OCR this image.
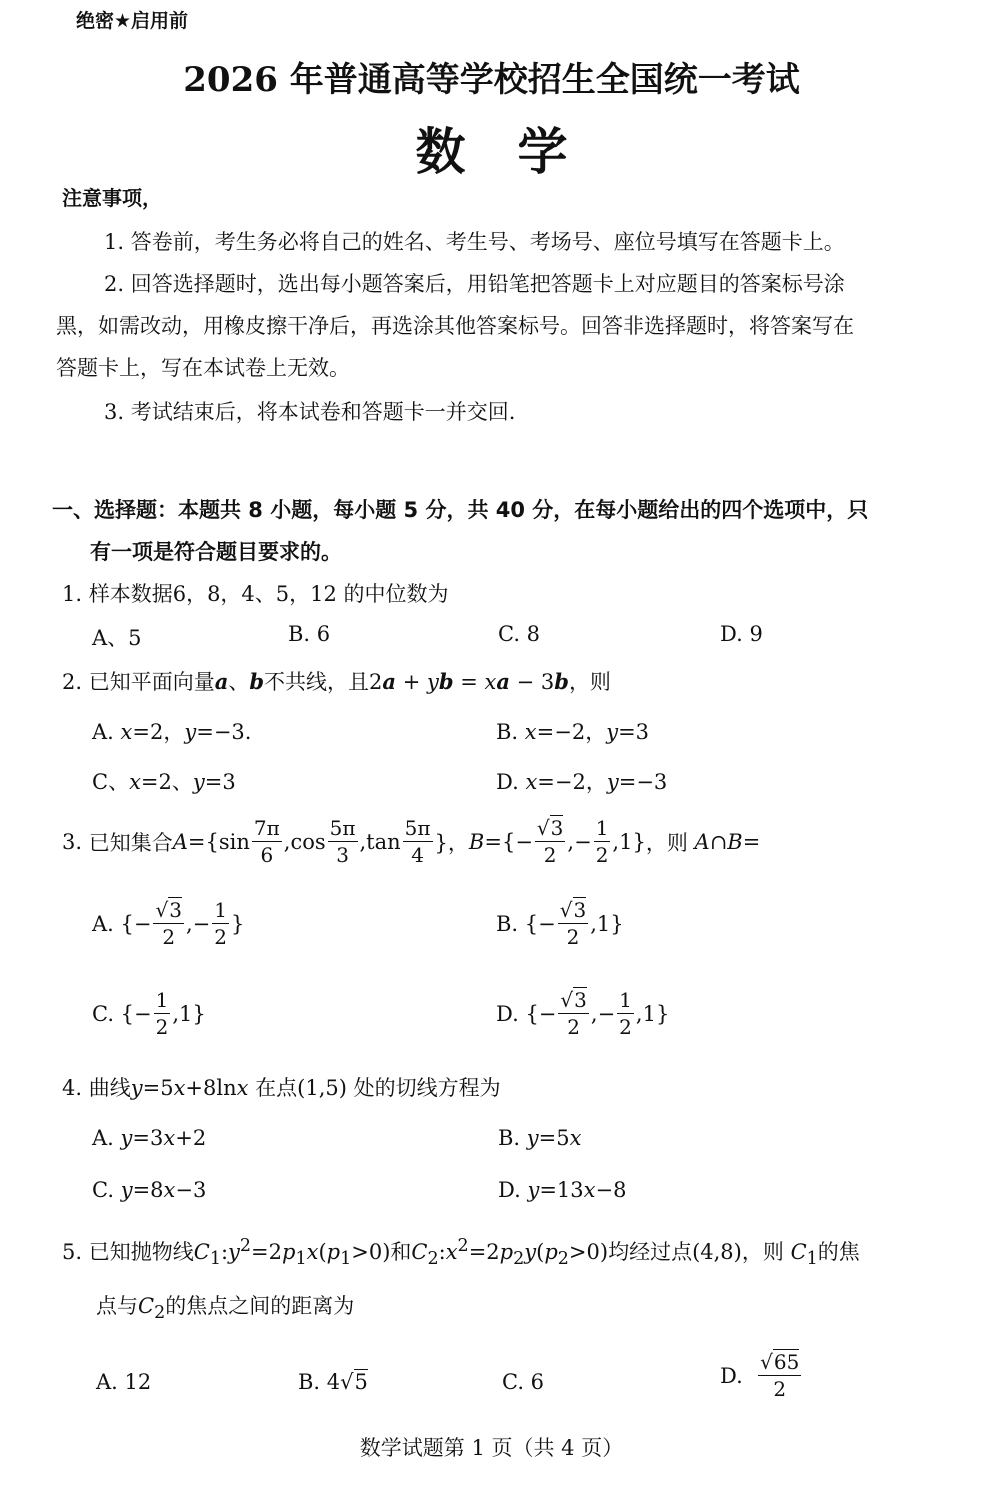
绝密★启用前
2026 年普通高等学校招生全国统一考试
数学
注意事项，
1. 答卷前，考生务必将自己的姓名、考生号、考场号、座位号填写在答题卡上。
2. 回答选择题时，选出每小题答案后，用铅笔把答题卡上对应题目的答案标号涂
黑，如需改动，用橡皮擦干净后，再选涂其他答案标号。回答非选择题时，将答案写在
答题卡上，写在本试卷上无效。
3. 考试结束后，将本试卷和答题卡一并交回.
一、选择题：本题共 8 小题，每小题 5 分，共 40 分，在每小题给出的四个选项中，只
有一项是符合题目要求的。
1. 样本数据6，8，4、5，12 的中位数为
A、5	B. 6	C. 8	D. 9
2. 已知平面向量a、b不共线，且2a + yb = xa − 3b，则
A. x=2，y=−3.	B. x=−2，y=3
C、x=2、y=3	D. x=−2，y=−3
3.
已知集合 $A =\{\sin \frac{7\pi}{6} ,\cos \frac{5\pi}{3} ,\tan \frac{5\pi}{4}$ }， B ={− $\frac{√3}{2}$ ,− $\frac{1}{2} ,1$} ，则
A ∩ B =
A. {− $\frac{√3}{2}$ ,− $\frac{1}{2}$ }	B. {− $\frac{√3}{2} ,1$}
C. {− $\frac{1}{2} ,1$}	D. {− $\frac{√3}{2}$ ,− $\frac{1}{2} ,1$}
4. 曲线y=5x+8lnx 在点(1,5) 处的切线方程为
A. y=3x+2	B. y=5x
C. y=8x−3	D. y=13x−8
5. 已知抛物线$C_1:y^2=2p_1x(p_1>0)$和$C_2:x^2=2p_2y(p_2>0)$均经过点(4,8)，则 $C_1$的焦
点与$C_2$的焦点之间的距离为
A. 12	B. 4√5	C. 6	D.
$\frac{√65}{2}$
数学试题第 1 页（共 4 页）
